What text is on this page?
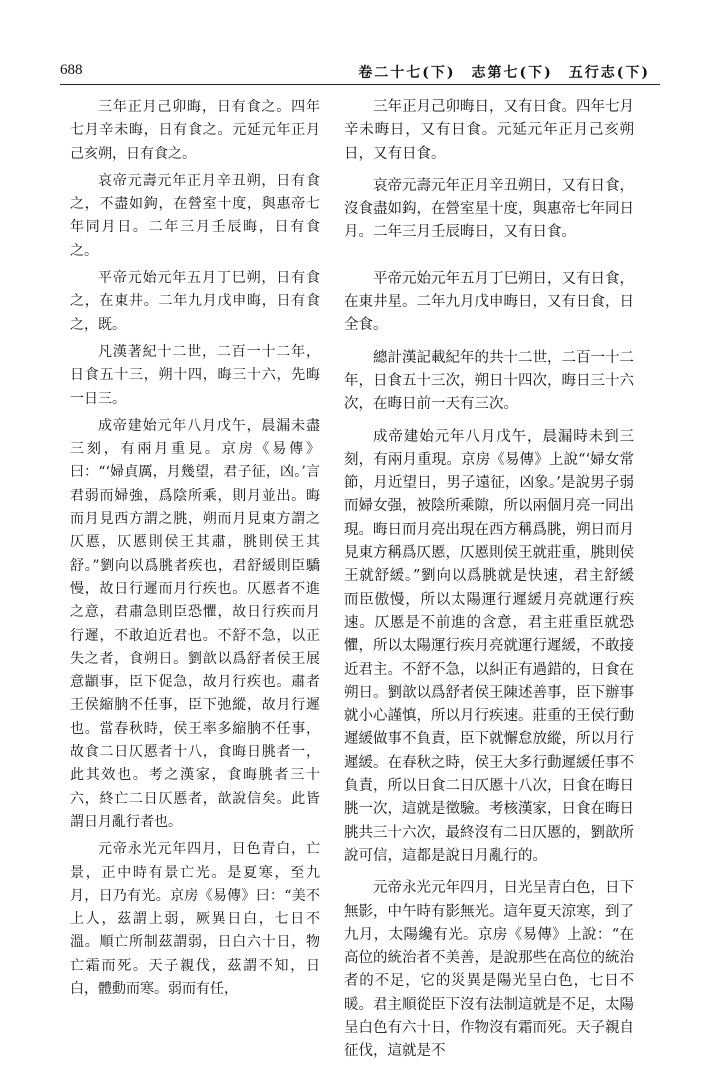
688	卷二十七(下)　志第七(下)　五行志(下)

三年正月己卯晦，日有食之。四年七月辛未晦，日有食之。元延元年正月己亥朔，日有食之。

哀帝元壽元年正月辛丑朔，日有食之，不盡如鉤，在營室十度，與惠帝七年同月日。二年三月壬辰晦，日有食之。

平帝元始元年五月丁巳朔，日有食之，在東井。二年九月戊申晦，日有食之，既。

凡漢著紀十二世，二百一十二年，日食五十三，朔十四，晦三十六，先晦一日三。

成帝建始元年八月戊午，晨漏未盡三刻，有兩月重見。京房《易傳》曰：“‘婦貞厲，月幾望，君子征，凶。’言君弱而婦強，爲陰所乘，則月並出。晦而月見西方謂之朓，朔而月見東方謂之仄慝，仄慝則侯王其肅，朓則侯王其舒。”劉向以爲朓者疾也，君舒緩則臣驕慢，故日行遲而月行疾也。仄慝者不進之意，君肅急則臣恐懼，故日行疾而月行遲，不敢迫近君也。不舒不急，以正失之者，食朔日。劉歆以爲舒者侯王展意顓事，臣下促急，故月行疾也。肅者王侯縮朒不任事，臣下弛縱，故月行遲也。當春秋時，侯王率多縮朒不任事，故食二日仄慝者十八，食晦日朓者一，此其效也。考之漢家，食晦朓者三十六，終亡二日仄慝者，歆說信矣。此皆謂日月亂行者也。

元帝永光元年四月，日色青白，亡景，正中時有景亡光。是夏寒，至九月，日乃有光。京房《易傳》曰：“美不上人，茲謂上弱，厥異日白，七日不溫。順亡所制茲謂弱，日白六十日，物亡霜而死。天子親伐，茲謂不知，日白，體動而寒。弱而有任，

三年正月己卯晦日，又有日食。四年七月辛未晦日，又有日食。元延元年正月己亥朔日，又有日食。

哀帝元壽元年正月辛丑朔日，又有日食，沒食盡如鈎，在營室星十度，與惠帝七年同日月。二年三月壬辰晦日，又有日食。

平帝元始元年五月丁巳朔日，又有日食，在東井星。二年九月戊申晦日，又有日食，日全食。

總計漢記載紀年的共十二世，二百一十二年，日食五十三次，朔日十四次，晦日三十六次，在晦日前一天有三次。

成帝建始元年八月戊午，晨漏時未到三刻，有兩月重現。京房《易傳》上說“‘婦女常節，月近望日，男子遠征，凶象。’是說男子弱而婦女强，被陰所乘隙，所以兩個月亮一同出現。晦日而月亮出現在西方稱爲朓，朔日而月見東方稱爲仄慝，仄慝則侯王就莊重，朓則侯王就舒緩。”劉向以爲朓就是快速，君主舒緩而臣傲慢，所以太陽運行遲緩月亮就運行疾速。仄慝是不前進的含意，君主莊重臣就恐懼，所以太陽運行疾月亮就運行遲緩，不敢接近君主。不舒不急，以糾正有過錯的，日食在朔日。劉歆以爲舒者侯王陳述善事，臣下辦事就小心謹慎，所以月行疾速。莊重的王侯行動遲緩做事不負責，臣下就懈怠放縱，所以月行遲緩。在春秋之時，侯王大多行動遲緩任事不負責，所以日食二日仄慝十八次，日食在晦日朓一次，這就是徵驗。考核漢家，日食在晦日朓共三十六次，最終沒有二日仄慝的，劉歆所說可信，這都是說日月亂行的。

元帝永光元年四月，日光呈青白色，日下無影，中午時有影無光。這年夏天涼寒，到了九月，太陽纔有光。京房《易傳》上說：“在高位的統治者不美善，是說那些在高位的統治者的不足，它的災異是陽光呈白色，七日不暖。君主順從臣下沒有法制這就是不足，太陽呈白色有六十日，作物沒有霜而死。天子親自征伐，這就是不
